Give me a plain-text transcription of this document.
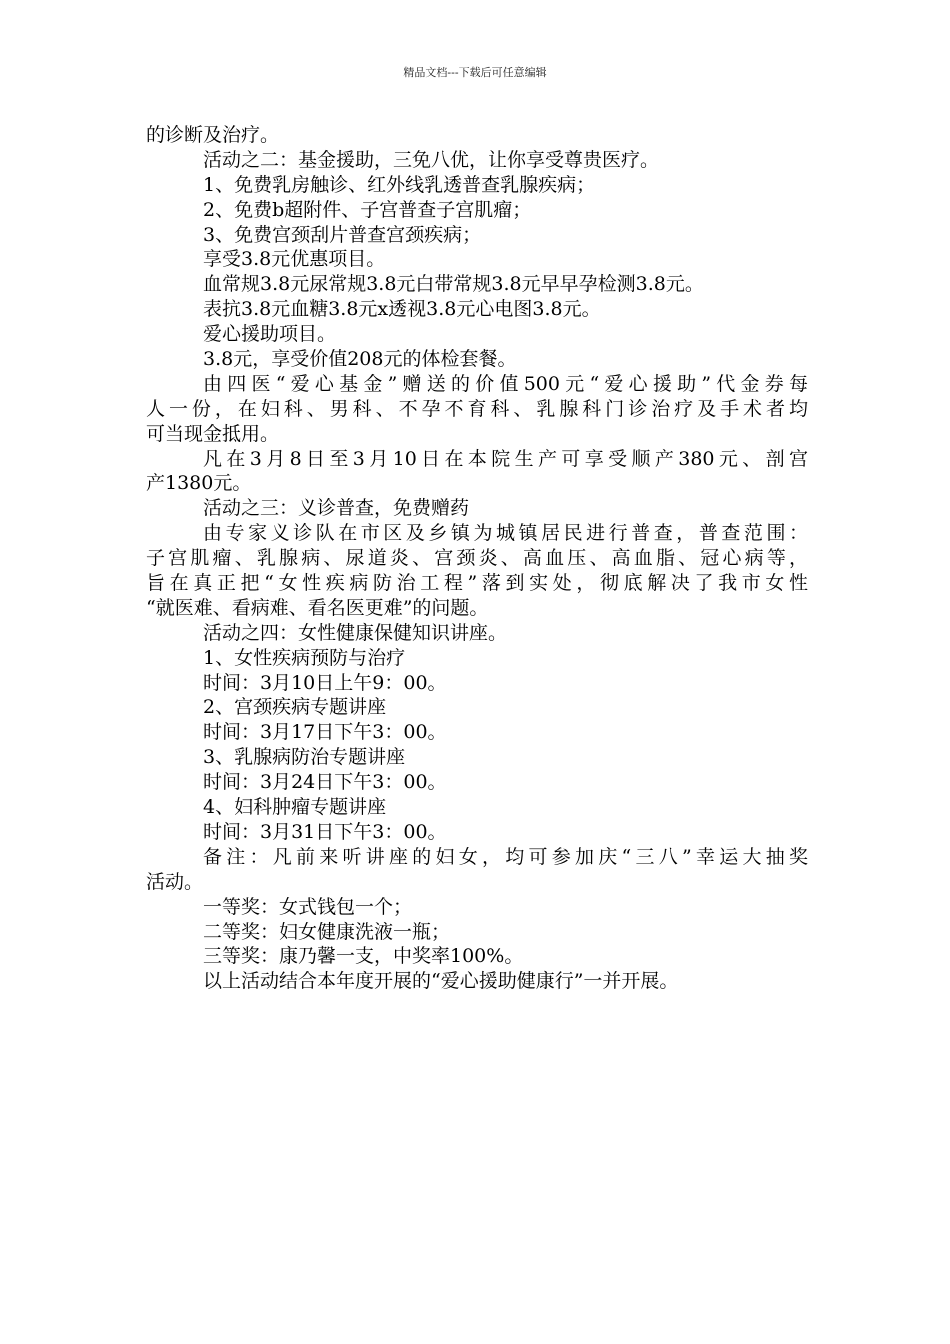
精品文档---下载后可任意编辑
的诊断及治疗。
活动之二：基金援助，三免八优，让你享受尊贵医疗。
1、免费乳房触诊、红外线乳透普查乳腺疾病；
2、免费b超附件、子宫普查子宫肌瘤；
3、免费宫颈刮片普查宫颈疾病；
享受3.8元优惠项目。
血常规3.8元尿常规3.8元白带常规3.8元早早孕检测3.8元。
表抗3.8元血糖3.8元x透视3.8元心电图3.8元。
爱心援助项目。
3.8元，享受价值208元的体检套餐。
由四医“爱心基金”赠送的价值500元“爱心援助”代金券每
人一份，在妇科、男科、不孕不育科、乳腺科门诊治疗及手术者均
可当现金抵用。
凡在3月8日至3月10日在本院生产可享受顺产380元、剖宫
产1380元。
活动之三：义诊普查，免费赠药
由专家义诊队在市区及乡镇为城镇居民进行普查，普查范围：
子宫肌瘤、乳腺病、尿道炎、宫颈炎、高血压、高血脂、冠心病等，
旨在真正把“女性疾病防治工程”落到实处，彻底解决了我市女性
“就医难、看病难、看名医更难”的问题。
活动之四：女性健康保健知识讲座。
1、女性疾病预防与治疗
时间：3月10日上午9：00。
2、宫颈疾病专题讲座
时间：3月17日下午3：00。
3、乳腺病防治专题讲座
时间：3月24日下午3：00。
4、妇科肿瘤专题讲座
时间：3月31日下午3：00。
备注：凡前来听讲座的妇女，均可参加庆“三八”幸运大抽奖
活动。
一等奖：女式钱包一个；
二等奖：妇女健康洗液一瓶；
三等奖：康乃馨一支，中奖率100%。
以上活动结合本年度开展的“爱心援助健康行”一并开展。
